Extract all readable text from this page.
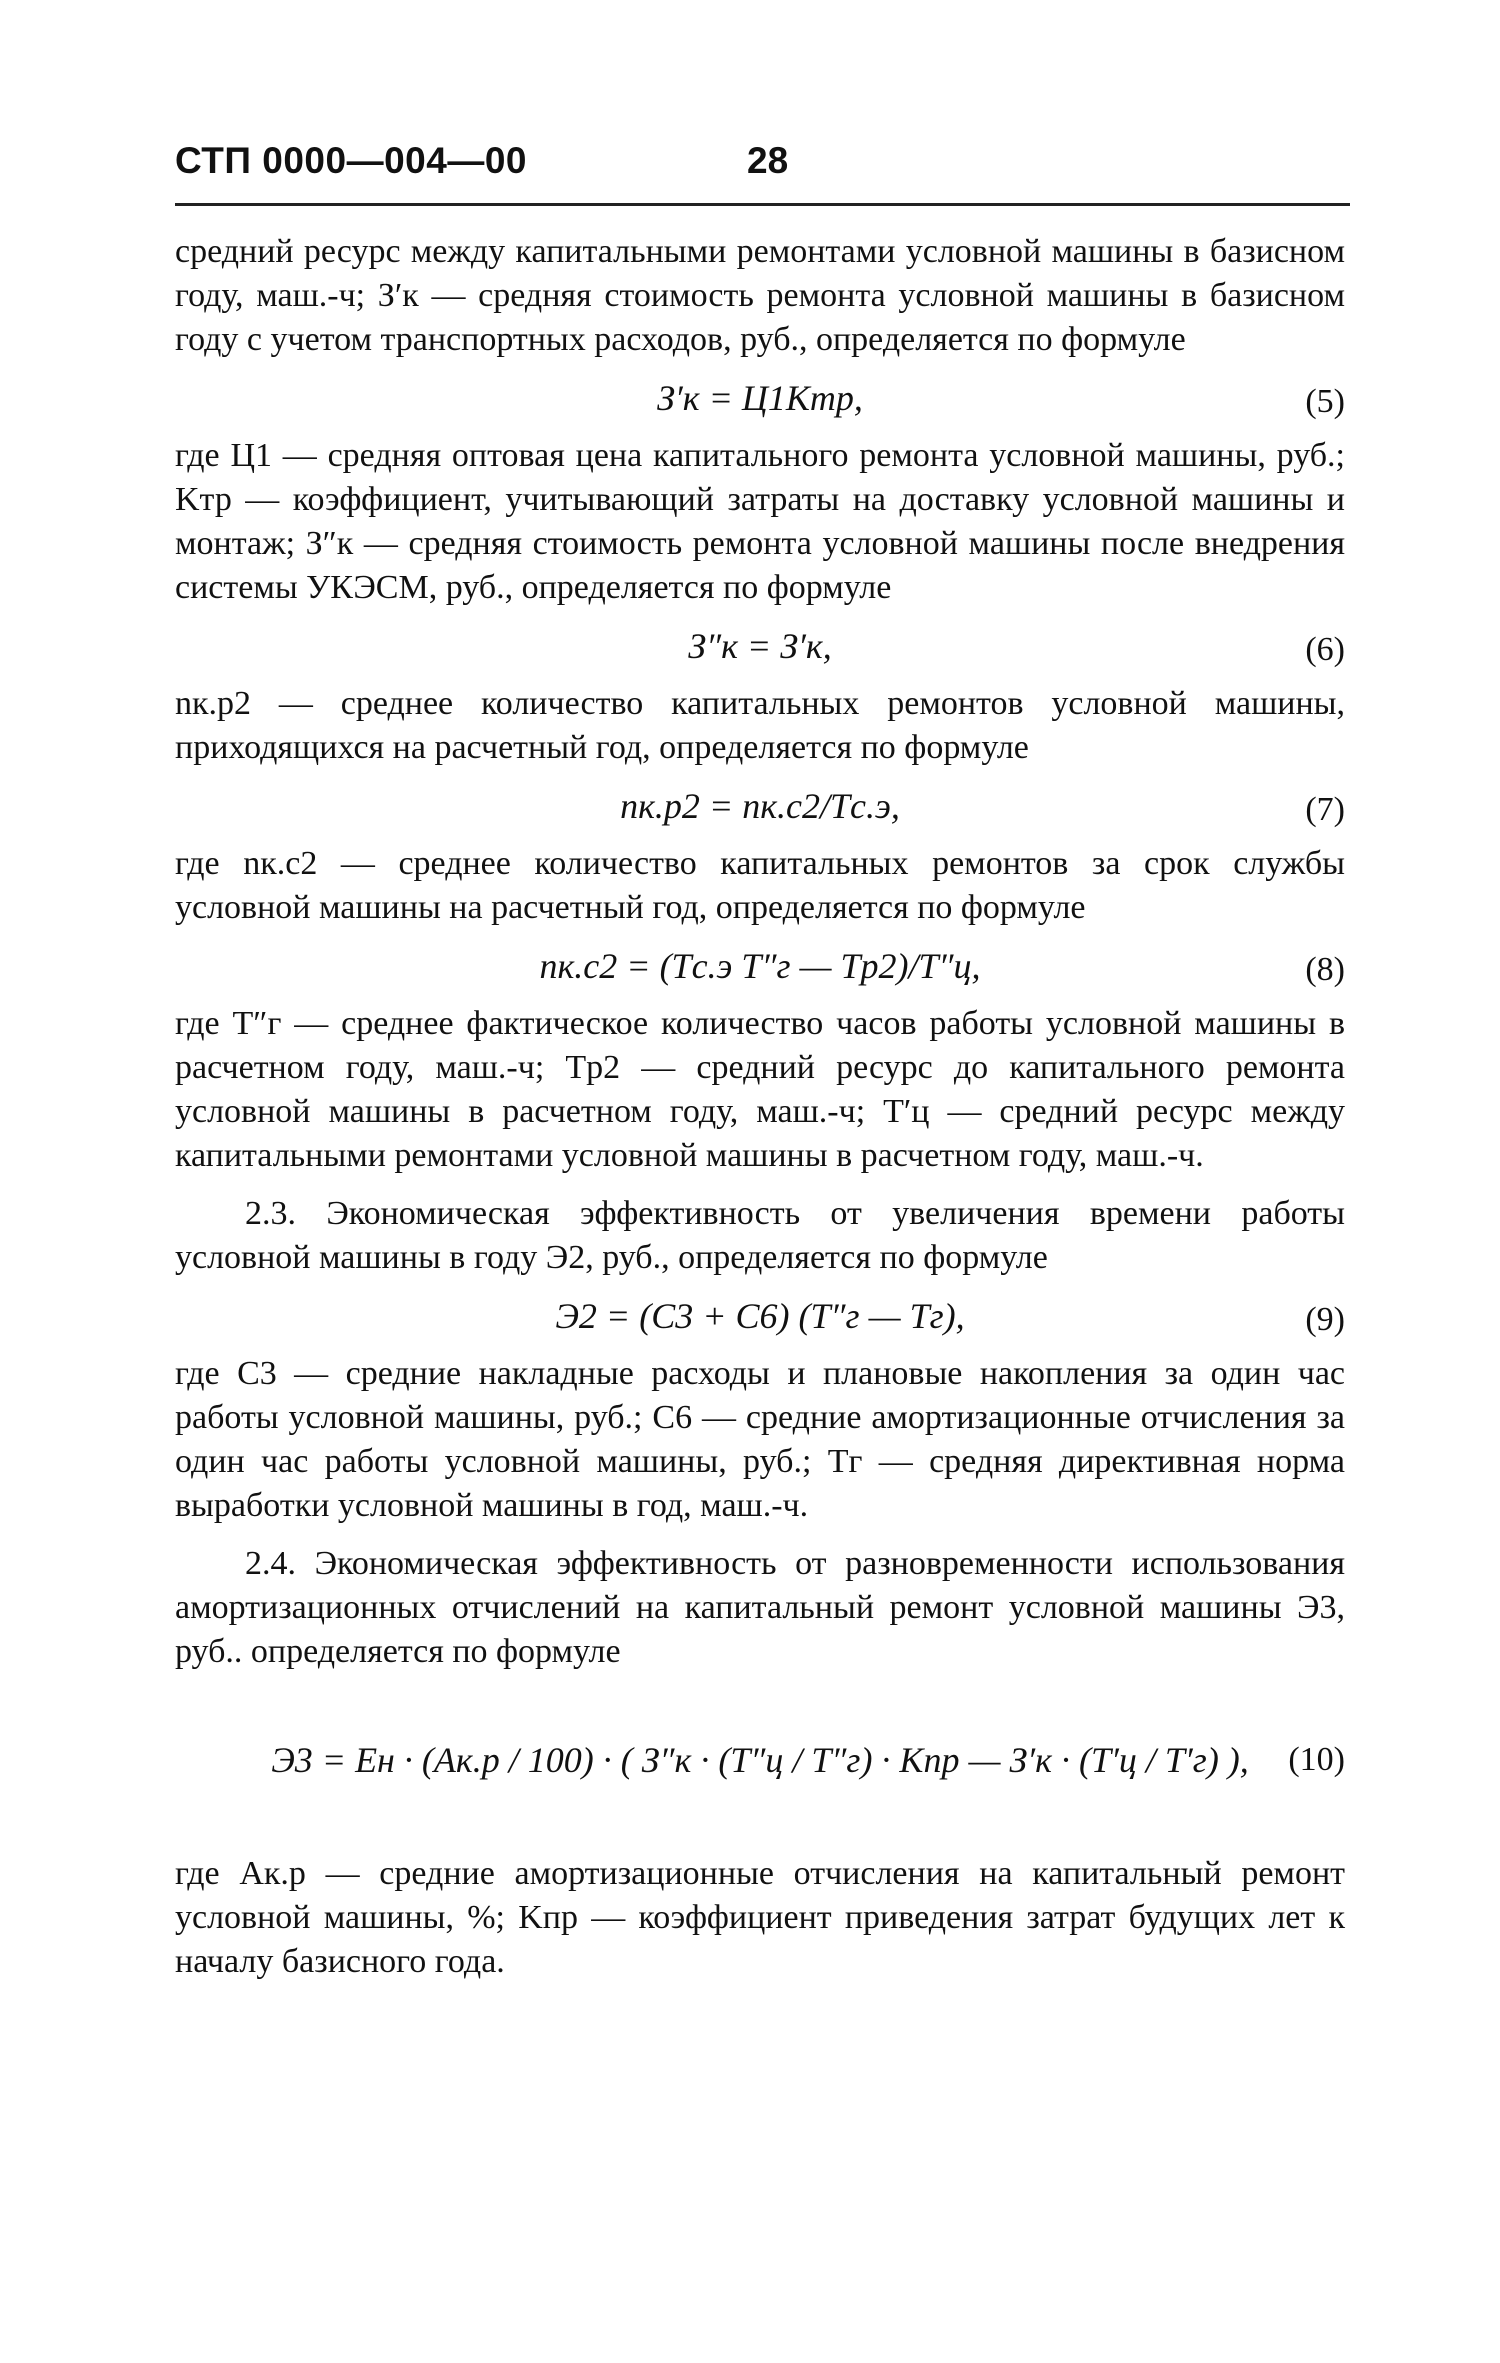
СТП 0000—004—00	28

средний ресурс между капитальными ремонтами условной машины в базисном году, маш.-ч; З′к — средняя стоимость ремонта условной машины в базисном году с учетом транспортных расходов, руб., определяется по формуле

З′к = Ц1Kтр,	(5)

где Ц1 — средняя оптовая цена капитального ремонта условной машины, руб.; Kтр — коэффициент, учитывающий затраты на доставку условной машины и монтаж; З″к — средняя стоимость ремонта условной машины после внедрения системы УКЭСМ, руб., определяется по формуле

З″к = З′к,	(6)

nк.р2 — среднее количество капитальных ремонтов условной машины, приходящихся на расчетный год, определяется по формуле

nк.р2 = nк.с2/Tс.э,	(7)

где nк.с2 — среднее количество капитальных ремонтов за срок службы условной машины на расчетный год, определяется по формуле

nк.с2 = (Tс.э T″г — Tр2)/T″ц,	(8)

где T″г — среднее фактическое количество часов работы условной машины в расчетном году, маш.-ч; Tр2 — средний ресурс до капитального ремонта условной машины в расчетном году, маш.-ч; T′ц — средний ресурс между капитальными ремонтами условной машины в расчетном году, маш.-ч.

2.3. Экономическая эффективность от увеличения времени работы условной машины в году Э2, руб., определяется по формуле

Э2 = (C3 + C6) (T″г — Tг),	(9)

где C3 — средние накладные расходы и плановые накопления за один час работы условной машины, руб.; C6 — средние амортизационные отчисления за один час работы условной машины, руб.; Tг — средняя директивная норма выработки условной машины в год, маш.-ч.

2.4. Экономическая эффективность от разновременности использования амортизационных отчислений на капитальный ремонт условной машины Э3, руб.. определяется по формуле

Э3 = Eн · (Aк.р / 100) · ( З″к · (T″ц / T″г) · Kпр — З′к · (T′ц / T′г) ),	(10)

где Aк.р — средние амортизационные отчисления на капитальный ремонт условной машины, %; Kпр — коэффициент приведения затрат будущих лет к началу базисного года.
